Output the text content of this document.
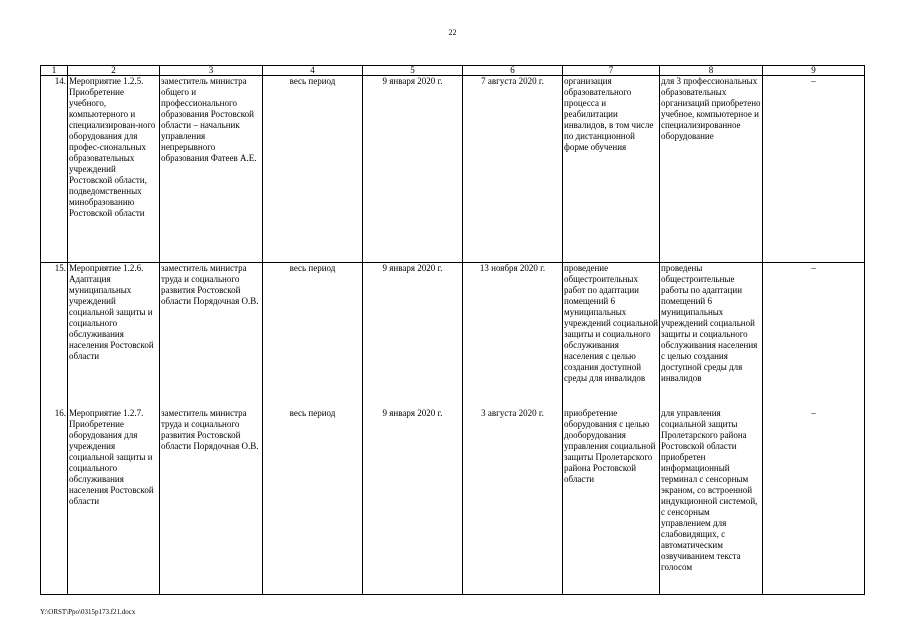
22
1	2	3	4	5	6	7	8	9
14.	Мероприятие 1.2.5. Приобретение учебного, компьютерного и специализирован-ного оборудования для профес-сиональных образовательных учреждений Ростовской области, подведомственных минобразованию Ростовской области	заместитель министра общего и профессионального образования Ростовской области – начальник управления непрерывного образования Фатеев А.Е.	весь период	9 января 2020 г.	7 августа 2020 г.	организация образовательного процесса и реабилитации инвалидов, в том числе по дистанционной форме обучения	для 3 профессиональных образовательных организаций приобретено учебное, компьютерное и специализированное оборудование	–
15.	Мероприятие 1.2.6. Адаптация муниципальных учреждений социальной защиты и социального обслуживания населения Ростовской области	заместитель министра труда и социального развития Ростовской области Порядочная О.В.	весь период	9 января 2020 г.	13 ноября 2020 г.	проведение общестроительных работ по адаптации помещений 6 муниципальных учреждений социальной защиты и социального обслуживания населения с целью создания доступной среды для инвалидов	проведены общестроительные работы по адаптации помещений 6 муниципальных учреждений социальной защиты и социального обслуживания населения с целью создания доступной среды для инвалидов	–
16.	Мероприятие 1.2.7. Приобретение оборудования для учреждения социальной защиты и социального обслуживания населения Ростовской области	заместитель министра труда и социального развития Ростовской области Порядочная О.В.	весь период	9 января 2020 г.	3 августа 2020 г.	приобретение оборудования с целью дооборудования управления социальной защиты Пролетарского района Ростовской области	для управления социальной защиты Пролетарского района Ростовской области приобретен информационный терминал с сенсорным экраном, со встроенной индукционной системой, с сенсорным управлением для слабовидящих, с автоматическим озвучиванием текста голосом	–
Y:\ORST\Ppo\0315p173.f21.docx
